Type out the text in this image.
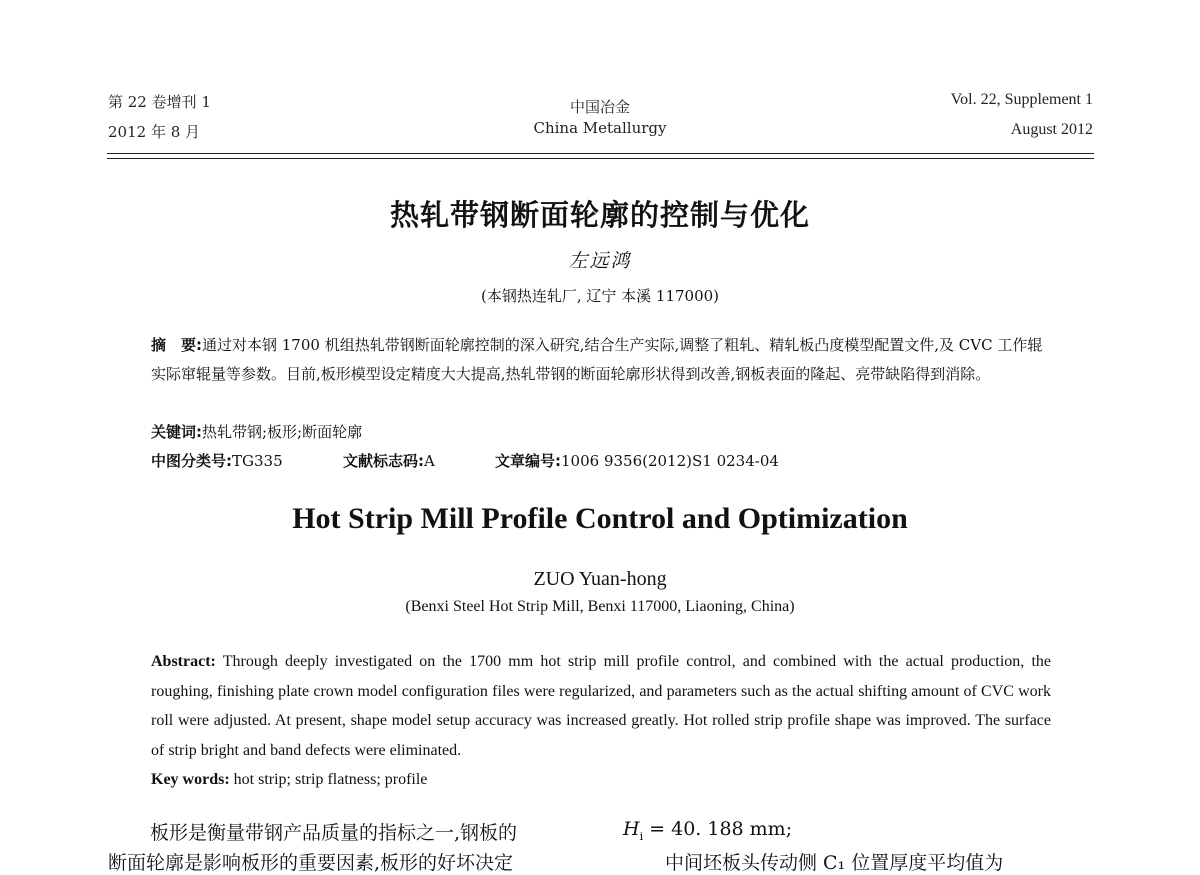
第 22 卷增刊 1
2012 年 8 月
中国冶金
China Metallurgy
Vol. 22, Supplement 1
August 2012
热轧带钢断面轮廓的控制与优化
左远鸿
(本钢热连轧厂, 辽宁 本溪 117000)
摘　要:通过对本钢 1700 机组热轧带钢断面轮廓控制的深入研究,结合生产实际,调整了粗轧、精轧板凸度模型配置文件,及 CVC 工作辊实际窜辊量等参数。目前,板形模型设定精度大大提高,热轧带钢的断面轮廓形状得到改善,钢板表面的隆起、亮带缺陷得到消除。
关键词:热轧带钢;板形;断面轮廓
中图分类号:TG335	文献标志码:A	文章编号:1006 9356(2012)S1 0234-04
Hot Strip Mill Profile Control and Optimization
ZUO Yuan-hong
(Benxi Steel Hot Strip Mill, Benxi 117000, Liaoning, China)
Abstract: Through deeply investigated on the 1700 mm hot strip mill profile control, and combined with the actual production, the roughing, finishing plate crown model configuration files were regularized, and parameters such as the actual shifting amount of CVC work roll were adjusted. At present, shape model setup accuracy was increased greatly. Hot rolled strip profile shape was improved. The surface of strip bright and band defects were eliminated.
Key words: hot strip; strip flatness; profile
板形是衡量带钢产品质量的指标之一,钢板的
断面轮廓是影响板形的重要因素,板形的好坏决定
$H_i = 40$. 188 mm;
中间坯板头传动侧 C₁ 位置厚度平均值为
